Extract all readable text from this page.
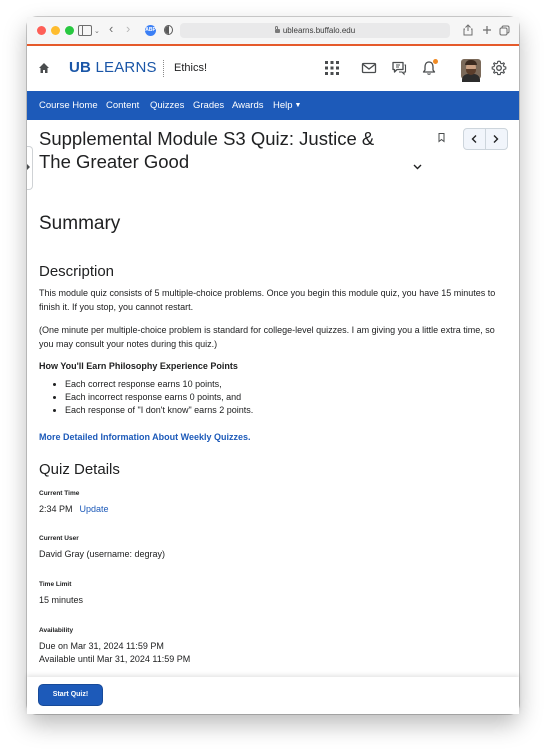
⌄ ‹ ›	ABP	ublearns.buffalo.edu
UB LEARNS Ethics!
Course Home Content Quizzes Grades Awards Help ▼
Supplemental Module S3 Quiz: Justice & The Greater Good
Summary
Description

This module quiz consists of 5 multiple-choice problems. Once you begin this module quiz, you have 15 minutes to finish it. If you stop, you cannot restart.

(One minute per multiple-choice problem is standard for college-level quizzes. I am giving you a little extra time, so you may consult your notes during this quiz.)

How You'll Earn Philosophy Experience Points

• Each correct response earns 10 points,
• Each incorrect response earns 0 points, and
• Each response of "I don't know" earns 2 points.
More Detailed Information About Weekly Quizzes.
Quiz Details
Current Time
2:34 PM Update
Current User
David Gray (username: degray)
Time Limit
15 minutes
Availability
Due on Mar 31, 2024 11:59 PM
Available until Mar 31, 2024 11:59 PM
Start Quiz!
